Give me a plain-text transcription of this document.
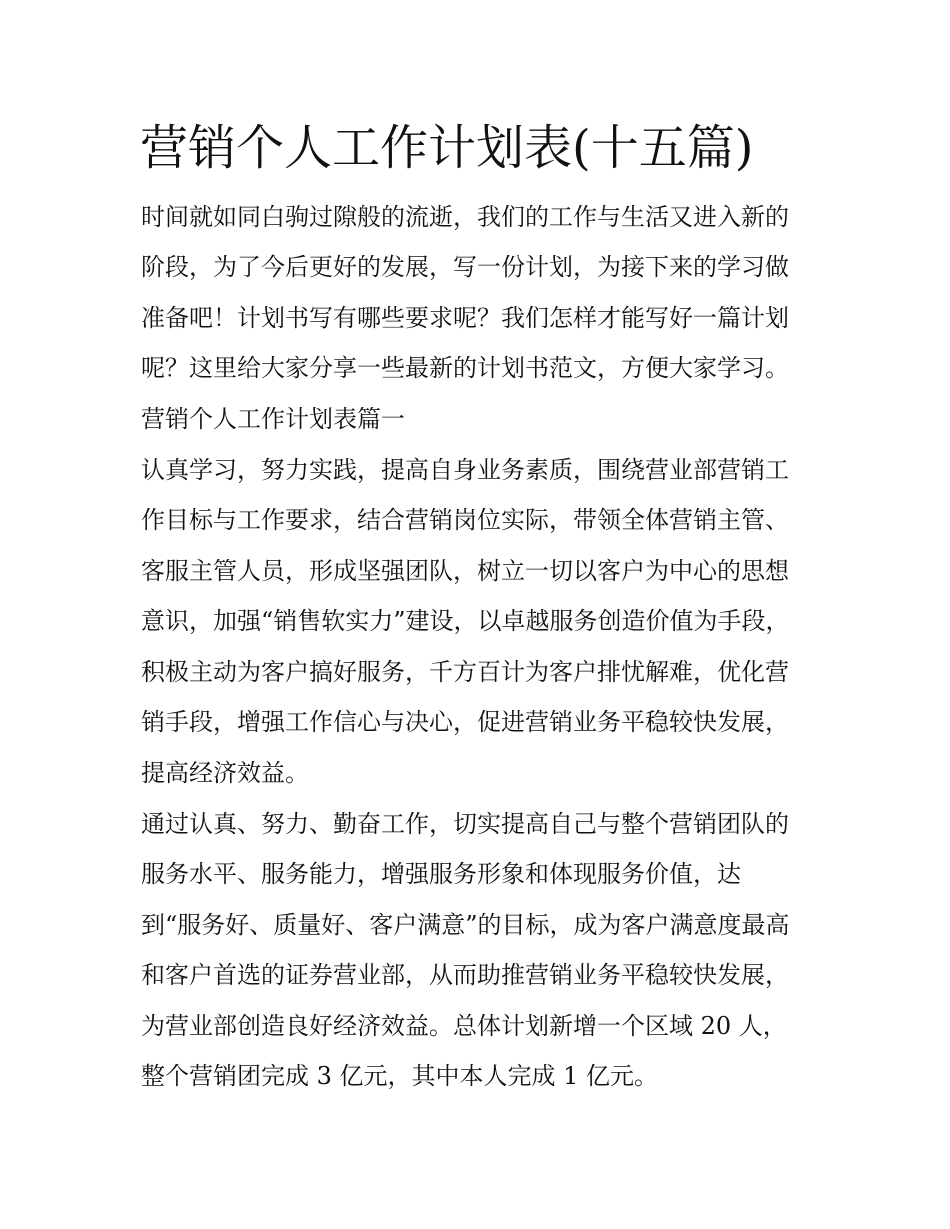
营销个人工作计划表(十五篇)

时间就如同白驹过隙般的流逝，我们的工作与生活又进入新的

阶段，为了今后更好的发展，写一份计划，为接下来的学习做

准备吧！计划书写有哪些要求呢？我们怎样才能写好一篇计划

呢？这里给大家分享一些最新的计划书范文，方便大家学习。

营销个人工作计划表篇一

认真学习，努力实践，提高自身业务素质，围绕营业部营销工

作目标与工作要求，结合营销岗位实际，带领全体营销主管、

客服主管人员，形成坚强团队，树立一切以客户为中心的思想

意识，加强“销售软实力”建设，以卓越服务创造价值为手段，

积极主动为客户搞好服务，千方百计为客户排忧解难，优化营

销手段，增强工作信心与决心，促进营销业务平稳较快发展，

提高经济效益。

通过认真、努力、勤奋工作，切实提高自己与整个营销团队的

服务水平、服务能力，增强服务形象和体现服务价值，达

到“服务好、质量好、客户满意”的目标，成为客户满意度最高

和客户首选的证券营业部，从而助推营销业务平稳较快发展，

为营业部创造良好经济效益。总体计划新增一个区域 20 人，

整个营销团完成 3 亿元，其中本人完成 1 亿元。
